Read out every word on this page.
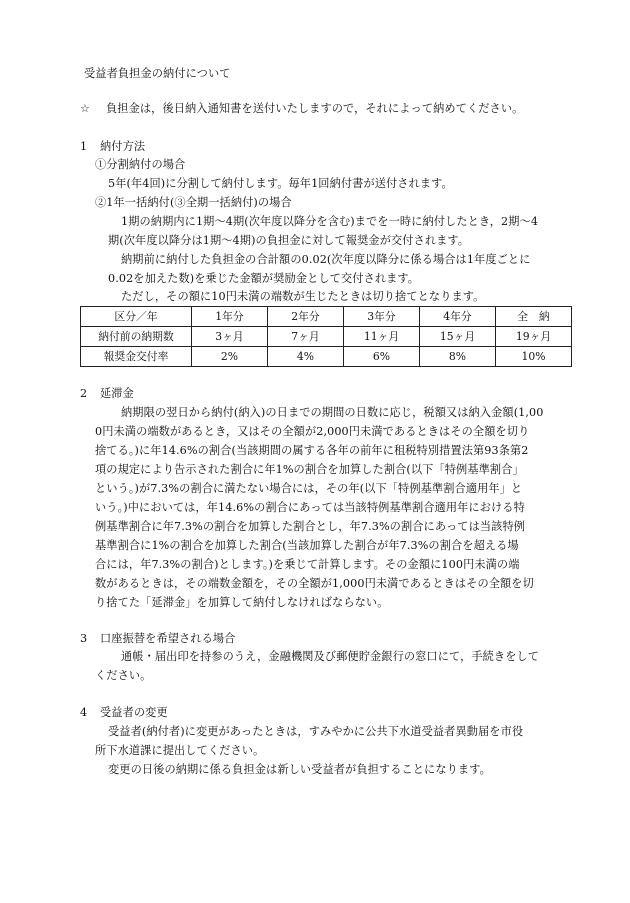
受益者負担金の納付について
☆ 負担金は，後日納入通知書を送付いたしますので，それによって納めてください。
1 納付方法
①分割納付の場合
5年(年4回)に分割して納付します。毎年1回納付書が送付されます。
②1年一括納付(③全期一括納付)の場合
1期の納期内に1期～4期(次年度以降分を含む)までを一時に納付したとき，2期～4
期(次年度以降分は1期～4期)の負担金に対して報奨金が交付されます。
納期前に納付した負担金の合計額の0.02(次年度以降分に係る場合は1年度ごとに
0.02を加えた数)を乗じた金額が奨励金として交付されます。
ただし，その額に10円未満の端数が生じたときは切り捨てとなります。
区分／年	1年分	2年分	3年分	4年分	全　納
納付前の納期数	3ヶ月	7ヶ月	11ヶ月	15ヶ月	19ヶ月
報奨金交付率	2%	4%	6%	8%	10%
2 延滞金
納期限の翌日から納付(納入)の日までの期間の日数に応じ，税額又は納入金額(1,00
0円未満の端数があるとき，又はその全額が2,000円未満であるときはその全額を切り
捨てる。)に年14.6%の割合(当該期間の属する各年の前年に租税特別措置法第93条第2
項の規定により告示された割合に年1%の割合を加算した割合(以下「特例基準割合」
という。)が7.3%の割合に満たない場合には，その年(以下「特例基準割合適用年」と
いう。)中においては，年14.6%の割合にあっては当該特例基準割合適用年における特
例基準割合に年7.3%の割合を加算した割合とし，年7.3%の割合にあっては当該特例
基準割合に1%の割合を加算した割合(当該加算した割合が年7.3%の割合を超える場
合には，年7.3%の割合)とします。)を乗じて計算します。その金額に100円未満の端
数があるときは，その端数金額を，その全額が1,000円未満であるときはその全額を切
り捨てた「延滞金」を加算して納付しなければならない。
3 口座振替を希望される場合
通帳・届出印を持参のうえ，金融機関及び郵便貯金銀行の窓口にて，手続きをして
ください。
4 受益者の変更
受益者(納付者)に変更があったときは，すみやかに公共下水道受益者異動届を市役
所下水道課に提出してください。
変更の日後の納期に係る負担金は新しい受益者が負担することになります。
